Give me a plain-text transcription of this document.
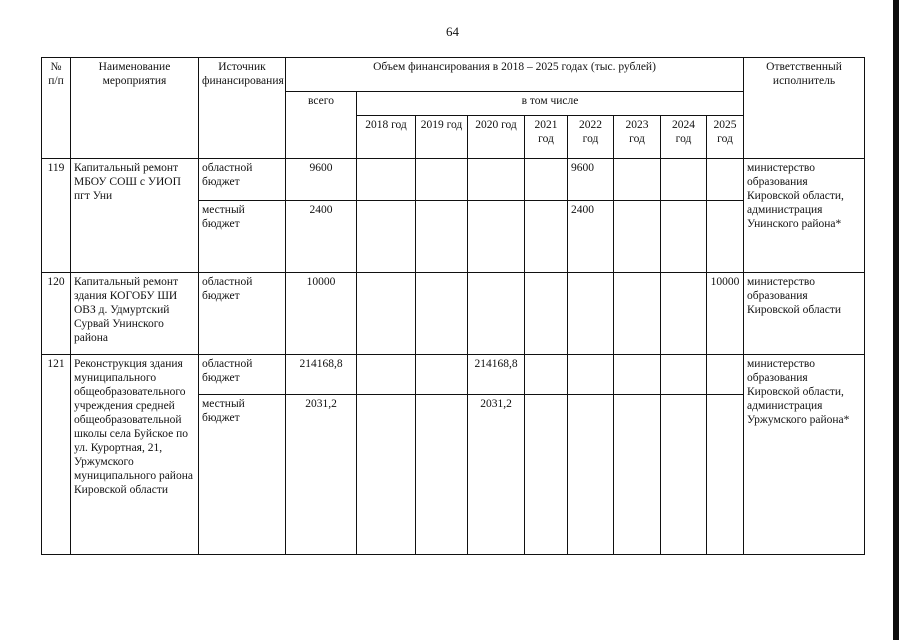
64
№ п/п	Наименование мероприятия	Источник финансирования	Объем финансирования в 2018 – 2025 годах (тыс. рублей)									Ответственный исполнитель
			всего	в том числе								
				2018 год	2019 год	2020 год	2021 год	2022 год	2023 год	2024 год	2025 год	
119	Капитальный ремонт МБОУ СОШ с УИОП пгт Уни	областной бюджет	9600					9600				министерство образования Кировской области, администрация Унинского района*
		местный бюджет	2400					2400				
120	Капитальный ремонт здания КОГОБУ ШИ ОВЗ д. Удмуртский Сурвай Унинского района	областной бюджет	10000								10000	министерство образования Кировской области
121	Реконструкция здания муниципального общеобразовательного учреждения средней общеобразовательной школы села Буйское по ул. Курортная, 21, Уржумского муниципального района Кировской области	областной бюджет	214168,8			214168,8						министерство образования Кировской области, администрация Уржумского района*
		местный бюджет	2031,2			2031,2						
